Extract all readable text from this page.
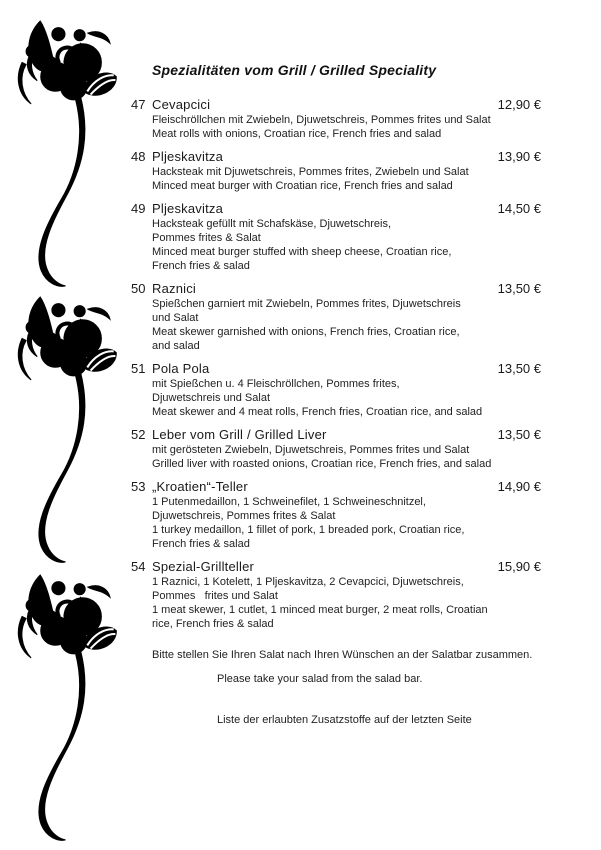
Spezialitäten vom Grill / Grilled Speciality
47 Cevapcici	12,90 €
Fleischröllchen mit Zwiebeln, Djuwetschreis, Pommes frites und Salat
Meat rolls with onions, Croatian rice, French fries and salad
48 Pljeskavitza	13,90 €
Hacksteak mit Djuwetschreis, Pommes frites, Zwiebeln und Salat
Minced meat burger with Croatian rice, French fries and salad
49 Pljeskavitza	14,50 €
Hacksteak gefüllt mit Schafskäse, Djuwetschreis,
Pommes frites & Salat
Minced meat burger stuffed with sheep cheese, Croatian rice,
French fries & salad
50 Raznici	13,50 €
Spießchen garniert mit Zwiebeln, Pommes frites, Djuwetschreis
und Salat
Meat skewer garnished with onions, French fries, Croatian rice,
and salad
51 Pola Pola	13,50 €
mit Spießchen u. 4 Fleischröllchen, Pommes frites,
Djuwetschreis und Salat
Meat skewer and 4 meat rolls, French fries, Croatian rice, and salad
52 Leber vom Grill / Grilled Liver	13,50 €
mit gerösteten Zwiebeln, Djuwetschreis, Pommes frites und Salat
Grilled liver with roasted onions, Croatian rice, French fries, and salad
53 „Kroatien“-Teller	14,90 €
1 Putenmedaillon, 1 Schweinefilet, 1 Schweineschnitzel,
Djuwetschreis, Pommes frites & Salat
1 turkey medaillon, 1 fillet of pork, 1 breaded pork, Croatian rice,
French fries & salad
54 Spezial-Grillteller	15,90 €
1 Raznici, 1 Kotelett, 1 Pljeskavitza, 2 Cevapcici, Djuwetschreis,
Pommes   frites und Salat
1 meat skewer, 1 cutlet, 1 minced meat burger, 2 meat rolls, Croatian
rice, French fries & salad

Bitte stellen Sie Ihren Salat nach Ihren Wünschen an der Salatbar zusammen.

Please take your salad from the salad bar.

Liste der erlaubten Zusatzstoffe auf der letzten Seite
